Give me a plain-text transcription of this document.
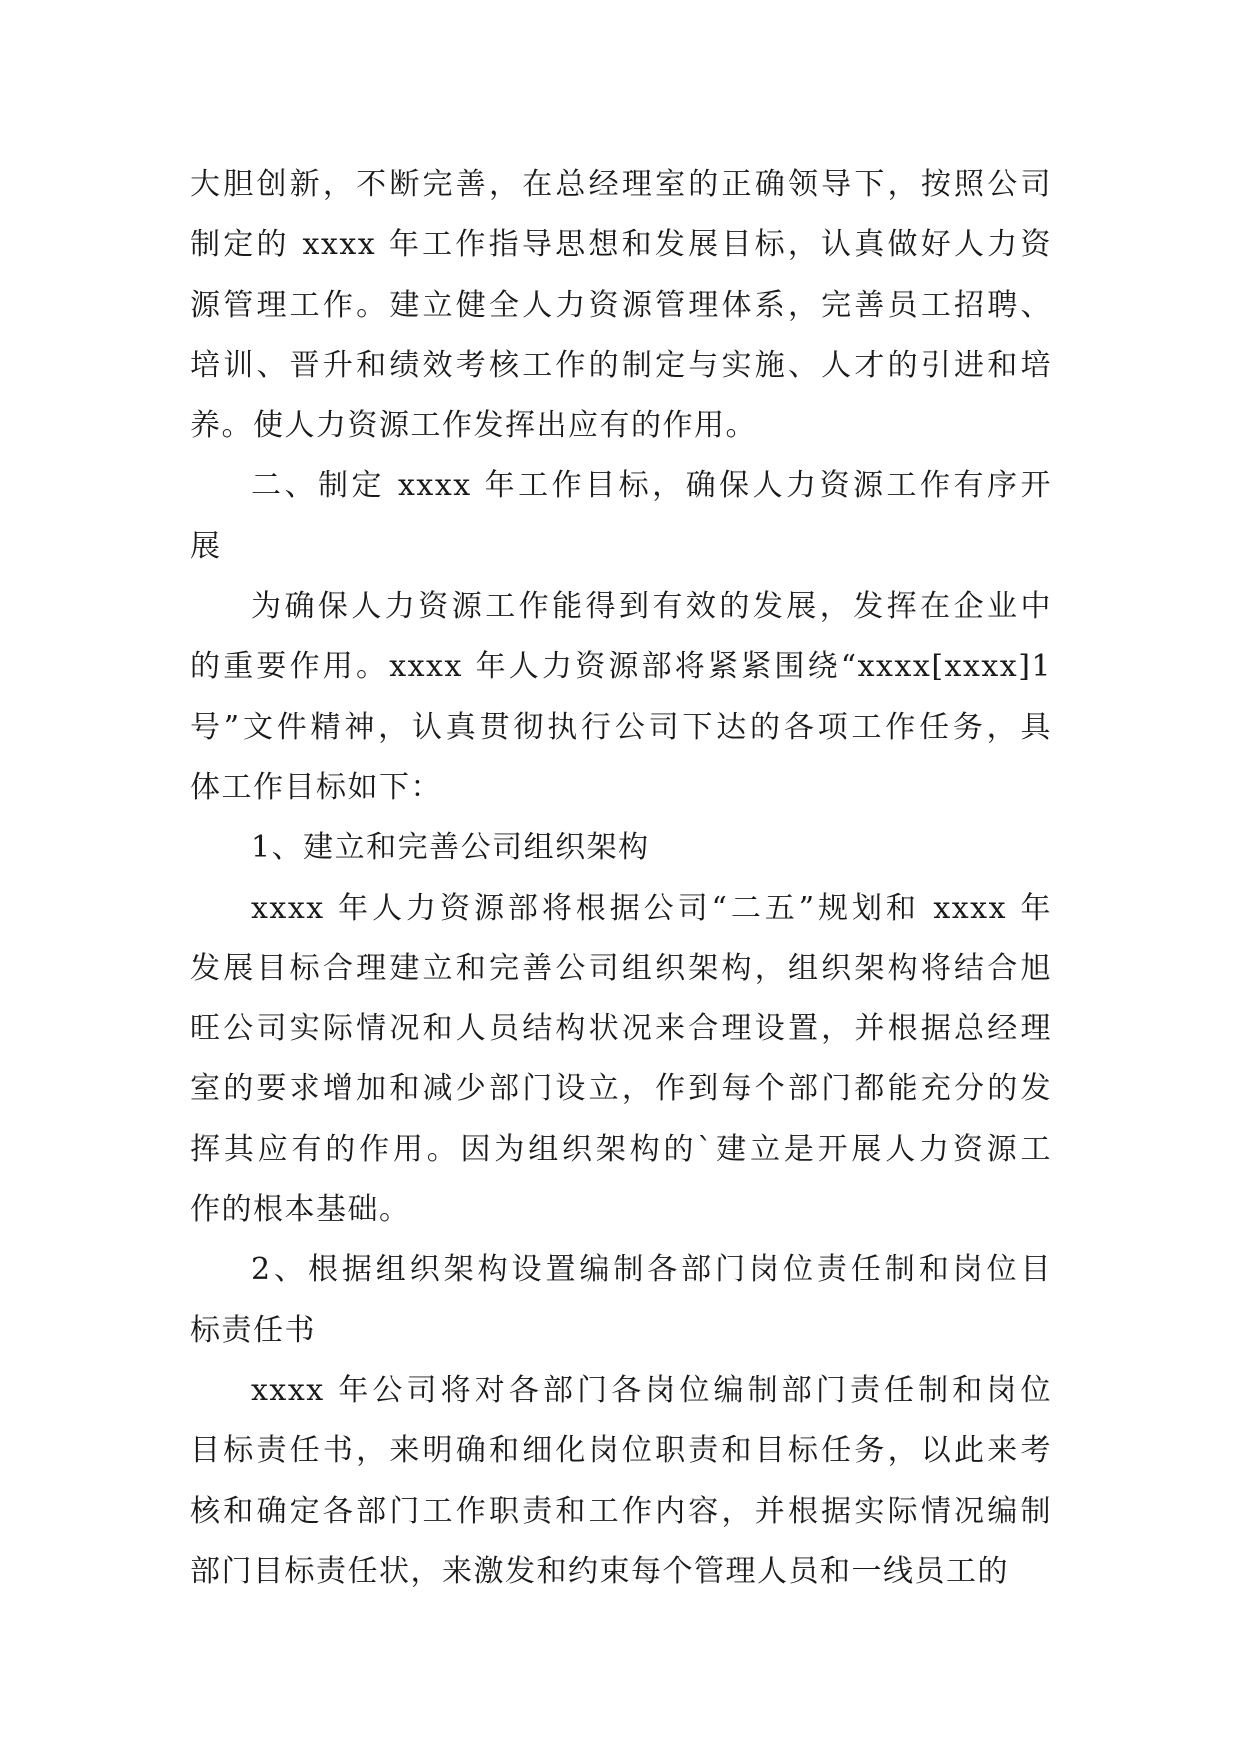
大胆创新，不断完善，在总经理室的正确领导下，按照公司
制定的 xxxx 年工作指导思想和发展目标，认真做好人力资
源管理工作。建立健全人力资源管理体系，完善员工招聘、
培训、晋升和绩效考核工作的制定与实施、人才的引进和培
养。使人力资源工作发挥出应有的作用。
二、制定 xxxx 年工作目标，确保人力资源工作有序开
展
为确保人力资源工作能得到有效的发展，发挥在企业中
的重要作用。xxxx 年人力资源部将紧紧围绕“xxxx[xxxx]1
号”文件精神，认真贯彻执行公司下达的各项工作任务，具
体工作目标如下：
1、建立和完善公司组织架构
xxxx 年人力资源部将根据公司“二五”规划和 xxxx 年
发展目标合理建立和完善公司组织架构，组织架构将结合旭
旺公司实际情况和人员结构状况来合理设置，并根据总经理
室的要求增加和减少部门设立，作到每个部门都能充分的发
挥其应有的作用。因为组织架构的`建立是开展人力资源工
作的根本基础。
2、根据组织架构设置编制各部门岗位责任制和岗位目
标责任书
xxxx 年公司将对各部门各岗位编制部门责任制和岗位
目标责任书，来明确和细化岗位职责和目标任务，以此来考
核和确定各部门工作职责和工作内容，并根据实际情况编制
部门目标责任状，来激发和约束每个管理人员和一线员工的
